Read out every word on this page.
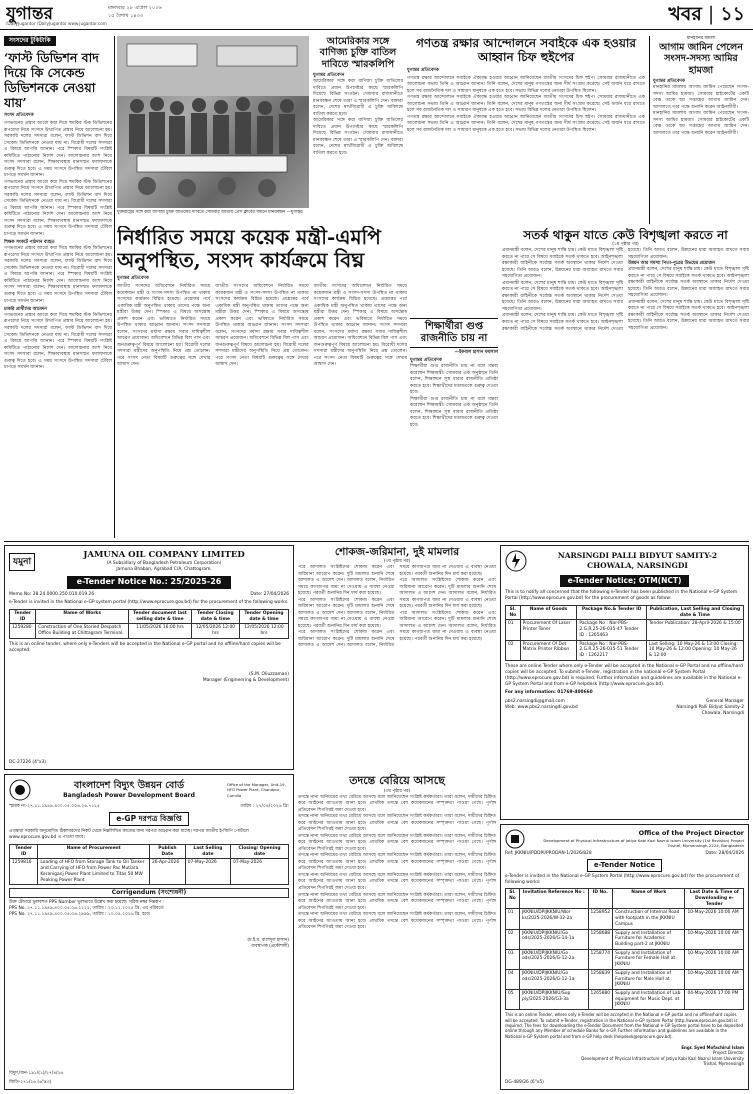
যুগান্তর	মঙ্গলবার ২৮ এপ্রিল ২০২৬
১৫ বৈশাখ ১৪৩৩
/DailyJugantor /DailyJugantor www.jugantor.com	খবর | ১১
সংসদের টুকিটাকি
‘ফাস্ট ডিভিশন বাদ দিয়ে কি সেকেন্ড ডিভিশনকে নেওয়া যায়’
সংসদ প্রতিবেদক
গণভবনের প্রস্তাব আরো কয়া দিয়ে হুমকির স্টক ডিভিশনের রূপরেখা নিয়ে সংসদে উত্থাপিত প্রস্তাব নিয়ে আলোচনা হয়। সরকারি দলের সদস্যরা বলেন, ফাস্ট ডিভিশন বাদ দিয়ে সেকেন্ড ডিভিশনকে নেওয়া যায় না। বিরোধী দলের সদস্যরা এ বিষয়ে আপত্তি জানান। পরে স্পিকার বিষয়টি সংশ্লিষ্ট কমিটিতে পাঠানোর নির্দেশ দেন। আলোচনায় অংশ নিয়ে সংসদ সদস্যরা বলেন, শিক্ষাব্যবস্থায় মানসম্মত ফলাফলকে গুরুত্ব দিতে হবে। এ সময় সংসদে উপস্থিত সদস্যরা টেবিল চাপড়ে সমর্থন জানান।
গণভবনের প্রস্তাব আরো কয়া দিয়ে হুমকির স্টক ডিভিশনের রূপরেখা নিয়ে সংসদে উত্থাপিত প্রস্তাব নিয়ে আলোচনা হয়। সরকারি দলের সদস্যরা বলেন, ফাস্ট ডিভিশন বাদ দিয়ে সেকেন্ড ডিভিশনকে নেওয়া যায় না। বিরোধী দলের সদস্যরা এ বিষয়ে আপত্তি জানান। পরে স্পিকার বিষয়টি সংশ্লিষ্ট কমিটিতে পাঠানোর নির্দেশ দেন। আলোচনায় অংশ নিয়ে সংসদ সদস্যরা বলেন, শিক্ষাব্যবস্থায় মানসম্মত ফলাফলকে গুরুত্ব দিতে হবে। এ সময় সংসদে উপস্থিত সদস্যরা টেবিল চাপড়ে সমর্থন জানান।
শিক্ষক সংকটে পাঠদান ব্যাহত
গণভবনের প্রস্তাব আরো কয়া দিয়ে হুমকির স্টক ডিভিশনের রূপরেখা নিয়ে সংসদে উত্থাপিত প্রস্তাব নিয়ে আলোচনা হয়। সরকারি দলের সদস্যরা বলেন, ফাস্ট ডিভিশন বাদ দিয়ে সেকেন্ড ডিভিশনকে নেওয়া যায় না। বিরোধী দলের সদস্যরা এ বিষয়ে আপত্তি জানান। পরে স্পিকার বিষয়টি সংশ্লিষ্ট কমিটিতে পাঠানোর নির্দেশ দেন। আলোচনায় অংশ নিয়ে সংসদ সদস্যরা বলেন, শিক্ষাব্যবস্থায় মানসম্মত ফলাফলকে গুরুত্ব দিতে হবে। এ সময় সংসদে উপস্থিত সদস্যরা টেবিল চাপড়ে সমর্থন জানান।
চাকরি প্রার্থীদের আবেদন
গণভবনের প্রস্তাব আরো কয়া দিয়ে হুমকির স্টক ডিভিশনের রূপরেখা নিয়ে সংসদে উত্থাপিত প্রস্তাব নিয়ে আলোচনা হয়। সরকারি দলের সদস্যরা বলেন, ফাস্ট ডিভিশন বাদ দিয়ে সেকেন্ড ডিভিশনকে নেওয়া যায় না। বিরোধী দলের সদস্যরা এ বিষয়ে আপত্তি জানান। পরে স্পিকার বিষয়টি সংশ্লিষ্ট কমিটিতে পাঠানোর নির্দেশ দেন। আলোচনায় অংশ নিয়ে সংসদ সদস্যরা বলেন, শিক্ষাব্যবস্থায় মানসম্মত ফলাফলকে গুরুত্ব দিতে হবে। এ সময় সংসদে উপস্থিত সদস্যরা টেবিল চাপড়ে সমর্থন জানান।
যুক্তরাষ্ট্রের সঙ্গে করা বাণিজ্য চুক্তি বাতিলের দাবিতে সোমবার জাতীয় প্রেস ক্লাবের সামনে মানববন্ধন —যুগান্তর
আমেরিকার সঙ্গে বাণিজ্য চুক্তি বাতিল দাবিতে স্মারকলিপি
যুগান্তর প্রতিবেদন
আমেরিকার সঙ্গে করা বাণিজ্য চুক্তি বাতিলের দাবিতে প্রধান উপদেষ্টার কাছে স্মারকলিপি দিয়েছে বিভিন্ন সংগঠন। সোমবার রাজধানীতে মানববন্ধন শেষে তারা এ স্মারকলিপি দেন। বক্তারা বলেন, দেশের স্বার্থবিরোধী এ চুক্তি অবিলম্বে বাতিল করতে হবে।
আমেরিকার সঙ্গে করা বাণিজ্য চুক্তি বাতিলের দাবিতে প্রধান উপদেষ্টার কাছে স্মারকলিপি দিয়েছে বিভিন্ন সংগঠন। সোমবার রাজধানীতে মানববন্ধন শেষে তারা এ স্মারকলিপি দেন। বক্তারা বলেন, দেশের স্বার্থবিরোধী এ চুক্তি অবিলম্বে বাতিল করতে হবে।
গণতন্ত্র রক্ষার আন্দোলনে সবাইকে এক হওয়ার আহ্বান চিফ হুইপের
যুগান্তর প্রতিবেদক
গণতন্ত্র রক্ষার আন্দোলনে সবাইকে ঐক্যবদ্ধ হওয়ার আহ্বান জানিয়েছেন জাতীয় সংসদের চিফ হুইপ। সোমবার রাজধানীতে এক আলোচনা সভায় তিনি এ আহ্বান জানান। তিনি বলেন, দেশের মানুষ গণতন্ত্রের জন্য দীর্ঘ সংগ্রাম করেছে। সেই অর্জন ধরে রাখতে হলে সব রাজনৈতিক দল ও সাধারণ মানুষকে এক হতে হবে। সভায় বিভিন্ন দলের নেতারা উপস্থিত ছিলেন।
গণতন্ত্র রক্ষার আন্দোলনে সবাইকে ঐক্যবদ্ধ হওয়ার আহ্বান জানিয়েছেন জাতীয় সংসদের চিফ হুইপ। সোমবার রাজধানীতে এক আলোচনা সভায় তিনি এ আহ্বান জানান। তিনি বলেন, দেশের মানুষ গণতন্ত্রের জন্য দীর্ঘ সংগ্রাম করেছে। সেই অর্জন ধরে রাখতে হলে সব রাজনৈতিক দল ও সাধারণ মানুষকে এক হতে হবে। সভায় বিভিন্ন দলের নেতারা উপস্থিত ছিলেন।
গণতন্ত্র রক্ষার আন্দোলনে সবাইকে ঐক্যবদ্ধ হওয়ার আহ্বান জানিয়েছেন জাতীয় সংসদের চিফ হুইপ। সোমবার রাজধানীতে এক আলোচনা সভায় তিনি এ আহ্বান জানান। তিনি বলেন, দেশের মানুষ গণতন্ত্রের জন্য দীর্ঘ সংগ্রাম করেছে। সেই অর্জন ধরে রাখতে হলে সব রাজনৈতিক দল ও সাধারণ মানুষকে এক হতে হবে। সভায় বিভিন্ন দলের নেতারা উপস্থিত ছিলেন।
মানহানির মামলা
আগাম জামিন পেলেন সংসদ-সদস্য আমির হামজা
যুগান্তর প্রতিবেদক
মানহানির মামলায় আগাম জামিন পেয়েছেন সংসদ-সদস্য আমির হামজা। সোমবার হাইকোর্টের একটি বেঞ্চ তাকে ছয় সপ্তাহের আগাম জামিন দেন। আদালতে তার পক্ষে শুনানি করেন আইনজীবী।
মানহানির মামলায় আগাম জামিন পেয়েছেন সংসদ-সদস্য আমির হামজা। সোমবার হাইকোর্টের একটি বেঞ্চ তাকে ছয় সপ্তাহের আগাম জামিন দেন। আদালতে তার পক্ষে শুনানি করেন আইনজীবী।
নির্ধারিত সময়ে কয়েক মন্ত্রী-এমপি অনুপস্থিত, সংসদ কার্যক্রমে বিঘ্ন
যুগান্তর প্রতিবেদক
জাতীয় সংসদের অধিবেশনে নির্ধারিত সময়ে কয়েকজন মন্ত্রী ও সংসদ-সদস্য উপস্থিত না থাকায় সংসদের কার্যক্রম বিঘ্নিত হয়েছে। প্রশ্নোত্তর পর্বে একাধিক মন্ত্রী অনুপস্থিত থাকায় তাদের পক্ষে অন্য মন্ত্রীরা উত্তর দেন। স্পিকার এ বিষয়ে অসন্তোষ প্রকাশ করেন এবং ভবিষ্যতে নির্ধারিত সময়ে উপস্থিত থাকার আহ্বান জানান। সংসদ সদস্যরা বলেন, সংসদের মর্যাদা রক্ষায় সবার দায়িত্বশীল আচরণ প্রয়োজন। অধিবেশনে বিভিন্ন বিল পাস এবং জনগুরুত্বপূর্ণ বিষয়ে আলোচনা হয়। বিরোধী দলের সদস্যরা মন্ত্রীদের অনুপস্থিতি নিয়ে প্রশ্ন তোলেন। পরে সংসদ নেতা বিষয়টি গুরুত্বের সঙ্গে দেখার আশ্বাস দেন।
জাতীয় সংসদের অধিবেশনে নির্ধারিত সময়ে কয়েকজন মন্ত্রী ও সংসদ-সদস্য উপস্থিত না থাকায় সংসদের কার্যক্রম বিঘ্নিত হয়েছে। প্রশ্নোত্তর পর্বে একাধিক মন্ত্রী অনুপস্থিত থাকায় তাদের পক্ষে অন্য মন্ত্রীরা উত্তর দেন। স্পিকার এ বিষয়ে অসন্তোষ প্রকাশ করেন এবং ভবিষ্যতে নির্ধারিত সময়ে উপস্থিত থাকার আহ্বান জানান। সংসদ সদস্যরা বলেন, সংসদের মর্যাদা রক্ষায় সবার দায়িত্বশীল আচরণ প্রয়োজন। অধিবেশনে বিভিন্ন বিল পাস এবং জনগুরুত্বপূর্ণ বিষয়ে আলোচনা হয়। বিরোধী দলের সদস্যরা মন্ত্রীদের অনুপস্থিতি নিয়ে প্রশ্ন তোলেন। পরে সংসদ নেতা বিষয়টি গুরুত্বের সঙ্গে দেখার আশ্বাস দেন।
জাতীয় সংসদের অধিবেশনে নির্ধারিত সময়ে কয়েকজন মন্ত্রী ও সংসদ-সদস্য উপস্থিত না থাকায় সংসদের কার্যক্রম বিঘ্নিত হয়েছে। প্রশ্নোত্তর পর্বে একাধিক মন্ত্রী অনুপস্থিত থাকায় তাদের পক্ষে অন্য মন্ত্রীরা উত্তর দেন। স্পিকার এ বিষয়ে অসন্তোষ প্রকাশ করেন এবং ভবিষ্যতে নির্ধারিত সময়ে উপস্থিত থাকার আহ্বান জানান। সংসদ সদস্যরা বলেন, সংসদের মর্যাদা রক্ষায় সবার দায়িত্বশীল আচরণ প্রয়োজন। অধিবেশনে বিভিন্ন বিল পাস এবং জনগুরুত্বপূর্ণ বিষয়ে আলোচনা হয়। বিরোধী দলের সদস্যরা মন্ত্রীদের অনুপস্থিতি নিয়ে প্রশ্ন তোলেন। পরে সংসদ নেতা বিষয়টি গুরুত্বের সঙ্গে দেখার আশ্বাস দেন।
শিক্ষার্থীরা গুপ্ত রাজনীতি চায় না
—ইকবাল হাসান ফয়সাল
যুগান্তর প্রতিবেদক
শিক্ষার্থীরা গুপ্ত রাজনীতি চায় না বলে মন্তব্য করেছেন শিক্ষামন্ত্রী। সোমবার এক অনুষ্ঠানে তিনি বলেন, শিক্ষাঙ্গনে সুস্থ ধারার রাজনীতি প্রতিষ্ঠা করতে হবে। শিক্ষার্থীদের মতামতকে গুরুত্ব দেওয়া হবে।
শিক্ষার্থীরা গুপ্ত রাজনীতি চায় না বলে মন্তব্য করেছেন শিক্ষামন্ত্রী। সোমবার এক অনুষ্ঠানে তিনি বলেন, শিক্ষাঙ্গনে সুস্থ ধারার রাজনীতি প্রতিষ্ঠা করতে হবে। শিক্ষার্থীদের মতামতকে গুরুত্ব দেওয়া হবে।
সতর্ক থাকুন যাতে কেউ বিশৃঙ্খলা করতে না
(১ম পৃষ্ঠার পর)
প্রধানমন্ত্রী বলেন, দেশের মানুষ শান্তি চায়। কেউ যাতে বিশৃঙ্খলা সৃষ্টি করতে না পারে সে বিষয়ে সবাইকে সতর্ক থাকতে হবে। আইনশৃঙ্খলা রক্ষাকারী বাহিনীকে সর্বোচ্চ সতর্ক অবস্থানে থাকার নির্দেশ দেওয়া হয়েছে। তিনি আরও বলেন, উন্নয়নের ধারা অব্যাহত রাখতে সবার সহযোগিতা প্রয়োজন।
প্রধানমন্ত্রী বলেন, দেশের মানুষ শান্তি চায়। কেউ যাতে বিশৃঙ্খলা সৃষ্টি করতে না পারে সে বিষয়ে সবাইকে সতর্ক থাকতে হবে। আইনশৃঙ্খলা রক্ষাকারী বাহিনীকে সর্বোচ্চ সতর্ক অবস্থানে থাকার নির্দেশ দেওয়া হয়েছে। তিনি আরও বলেন, উন্নয়নের ধারা অব্যাহত রাখতে সবার সহযোগিতা প্রয়োজন।
প্রধানমন্ত্রী বলেন, দেশের মানুষ শান্তি চায়। কেউ যাতে বিশৃঙ্খলা সৃষ্টি করতে না পারে সে বিষয়ে সবাইকে সতর্ক থাকতে হবে। আইনশৃঙ্খলা রক্ষাকারী বাহিনীকে সর্বোচ্চ সতর্ক অবস্থানে থাকার নির্দেশ দেওয়া হয়েছে। তিনি আরও বলেন, উন্নয়নের ধারা অব্যাহত রাখতে সবার সহযোগিতা প্রয়োজন।
উন্নয়ন আর সমস্যা পিতা-পুত্রের উভয়ের প্রয়োজন
প্রধানমন্ত্রী বলেন, দেশের মানুষ শান্তি চায়। কেউ যাতে বিশৃঙ্খলা সৃষ্টি করতে না পারে সে বিষয়ে সবাইকে সতর্ক থাকতে হবে। আইনশৃঙ্খলা রক্ষাকারী বাহিনীকে সর্বোচ্চ সতর্ক অবস্থানে থাকার নির্দেশ দেওয়া হয়েছে। তিনি আরও বলেন, উন্নয়নের ধারা অব্যাহত রাখতে সবার সহযোগিতা প্রয়োজন।
প্রধানমন্ত্রী বলেন, দেশের মানুষ শান্তি চায়। কেউ যাতে বিশৃঙ্খলা সৃষ্টি করতে না পারে সে বিষয়ে সবাইকে সতর্ক থাকতে হবে। আইনশৃঙ্খলা রক্ষাকারী বাহিনীকে সর্বোচ্চ সতর্ক অবস্থানে থাকার নির্দেশ দেওয়া হয়েছে। তিনি আরও বলেন, উন্নয়নের ধারা অব্যাহত রাখতে সবার সহযোগিতা প্রয়োজন।
যমুনা
JAMUNA OIL COMPANY LIMITED
(A Subsidiary of Bangladesh Petroleum Corporation)
Jamuna Bhaban, Agrabad C/A, Chattogram.
e-Tender Notice No.: 25/2025-26
Memo No: 28.24.0000.250.010.019.26	Date: 27/04/2026
e-Tender is invited in the National e-GP system portal (http://www.eprocure.gov.bd) for the procurement of the following works.
Tender ID	Name of Works	Tender document last selling date & time	Tender Closing date & time	Tender Opening date & time
1259280	Construction of One Storied Despatch Office Building at Chittagram Terminal.	11/05/2026 16:00 hrs	12/05/2026 12:00 hrs	12/05/2026 12:00 hrs
This is an online tender, where only e-Tenders will be accepted in the National e-GP portal and no offline/hard copies will be accepted.
(S.M. Oliuzzaman)
Manager (Engineering & Development)
DC-27226 (4"x3)
শোকজ-জরিমানা, দুই মামলার
(৩য় পৃষ্ঠার পর)
পরে আদালত সংশ্লিষ্টদের শোকজ করেন এবং জরিমানা আরোপ করেন। দুটি মামলার শুনানি শেষে আদালত এ আদেশ দেন। আদালত বলেন, নির্ধারিত সময়ে কাগজপত্র জমা না দেওয়ায় এ ব্যবস্থা নেওয়া হয়েছে। পরবর্তী শুনানির দিন ধার্য করা হয়েছে।
পরে আদালত সংশ্লিষ্টদের শোকজ করেন এবং জরিমানা আরোপ করেন। দুটি মামলার শুনানি শেষে আদালত এ আদেশ দেন। আদালত বলেন, নির্ধারিত সময়ে কাগজপত্র জমা না দেওয়ায় এ ব্যবস্থা নেওয়া হয়েছে। পরবর্তী শুনানির দিন ধার্য করা হয়েছে।
পরে আদালত সংশ্লিষ্টদের শোকজ করেন এবং জরিমানা আরোপ করেন। দুটি মামলার শুনানি শেষে আদালত এ আদেশ দেন। আদালত বলেন, নির্ধারিত সময়ে কাগজপত্র জমা না দেওয়ায় এ ব্যবস্থা নেওয়া হয়েছে। পরবর্তী শুনানির দিন ধার্য করা হয়েছে।
পরে আদালত সংশ্লিষ্টদের শোকজ করেন এবং জরিমানা আরোপ করেন। দুটি মামলার শুনানি শেষে আদালত এ আদেশ দেন। আদালত বলেন, নির্ধারিত সময়ে কাগজপত্র জমা না দেওয়ায় এ ব্যবস্থা নেওয়া হয়েছে। পরবর্তী শুনানির দিন ধার্য করা হয়েছে।
পরে আদালত সংশ্লিষ্টদের শোকজ করেন এবং জরিমানা আরোপ করেন। দুটি মামলার শুনানি শেষে আদালত এ আদেশ দেন। আদালত বলেন, নির্ধারিত সময়ে কাগজপত্র জমা না দেওয়ায় এ ব্যবস্থা নেওয়া হয়েছে। পরবর্তী শুনানির দিন ধার্য করা হয়েছে।
NARSINGDI PALLI BIDYUT SAMITY-2
CHOWALA, NARSINGDI
e-Tender Notice; OTM(NCT)
This is to notify all concerned that the following e-Tender has been published in the National e-GP System Portal (http://www.eprocure.gov.bd) for the procurement of goods as follow:
Sl. No	Name of Goods	Package No.& Tender ID	Publication, Last Selling and Closing date & Time
01	Procurement Of Laser Printer Toner	Package No : Nar-PBS-2.G.R.25-26-035-47 Tender ID : 1265463	Tender Publication: 28-April-2026 & 15:00
02	Procurement Of Dot Matrix Printer Ribbon	Package No : Nar-PBS-2.G.R.25-26-035-51 Tender ID : 1262217	Last Selling: 10 May-26 & 13:00 Closing: 10 May-26 & 12:00 Opening: 10 May-26 & 12:00
These are online Tender where only e-Tender will be accepted in the National e-GP Portal and no offline/hard copies will be accepted. To submit e-Tender, registration in the national e-GP System Portal (http://www.eprocure.gov.bd) is required. Further information and guidelines are available in the National e-GP System Portal and from e-GP helpdesk (http://www.eprocure.gov.bd).
For any information: 01769-400660
pbs2.narsingdi@gmail.com
Web: www.pbs2.narsingdi.gov.bd
General Manager
Narsingdi Palli Bidyut Samity-2
Chowala, Narsingdi
বাংলাদেশ বিদ্যুৎ উন্নয়ন বোর্ড
Bangladesh Power Development Board
Office of the Manager, Unit-19, HFO Power Plant, Chandpur, Cumilla
স্মারক নং-২৭.১১.১৯৪৯.৪০০.০৫.০০৬.২৬.৭১২৫	তারিখ : ২৭/০৪/২০২৬ খ্রি:
e-GP দরপত্র বিজ্ঞপ্তি
এতদ্বারা সরকারি অনুমোদিত ঠিকাদারদের নিকট থেকে নিম্নলিখিত কাজের জন্য দরপত্র আহ্বান করা যাচ্ছে। দরপত্র জাতীয় ই-জিপি পোর্টালে www.eprocure.gov.bd এ পাওয়া যাবে।
Tender ID	Name of Procurement	Publish Date	Last Selling date	Closing/ Opening date
1259816	Loading of HFO from Storage Tank to Oil Tanker and Carrying of HFO from Power Pac Mutiara Keraniganj Power Plant Limited to Titas 50 MW Peaking Power Plant	26-Apr-2026	07-May-2026	07-May-2026
Corrigendum (সংশোধনী)
উক্ত টেন্ডারে ভুলবশত PPS Number ভুলভাবে উল্লেখ করা হয়েছে। সঠিক নম্বর নিম্নরূপ :
PPS No. ২৭.১১.১৯৪৯.৪০০.০৫.০৬.২২২২, তারিখ : ২৩.১২.২০২৫ খ্রি. এর পরিবর্তে
PPS No. ২৭.১১.১৯৪৯.৪০০.০৫.০৬.২৯৯৯, তারিখ : ১০.০৪.২০২৬ খ্রি. হবে।
(ম.ই.ম. রাশেদুল হাসান)
ব্যবস্থাপক (প্রকৌশলী)
বিদ্যুৎ/জন-১৯১/(১)/২৭/৪/২৬
জিডি-২৭১/২৬ (৬"x৩)
তদন্তে বেরিয়ে আসছে
(৩য় পৃষ্ঠার পর)
তদন্তে নানা অনিয়মের তথ্য বেরিয়ে আসছে বলে জানিয়েছেন সংশ্লিষ্ট কর্মকর্তারা। তারা বলেন, দায়ীদের চিহ্নিত করে আইনের আওতায় আনা হবে। প্রাথমিক তদন্তে বেশ কয়েকজনের সম্পৃক্ততা পাওয়া গেছে। পূর্ণাঙ্গ প্রতিবেদন শিগগিরই জমা দেওয়া হবে।
তদন্তে নানা অনিয়মের তথ্য বেরিয়ে আসছে বলে জানিয়েছেন সংশ্লিষ্ট কর্মকর্তারা। তারা বলেন, দায়ীদের চিহ্নিত করে আইনের আওতায় আনা হবে। প্রাথমিক তদন্তে বেশ কয়েকজনের সম্পৃক্ততা পাওয়া গেছে। পূর্ণাঙ্গ প্রতিবেদন শিগগিরই জমা দেওয়া হবে।
তদন্তে নানা অনিয়মের তথ্য বেরিয়ে আসছে বলে জানিয়েছেন সংশ্লিষ্ট কর্মকর্তারা। তারা বলেন, দায়ীদের চিহ্নিত করে আইনের আওতায় আনা হবে। প্রাথমিক তদন্তে বেশ কয়েকজনের সম্পৃক্ততা পাওয়া গেছে। পূর্ণাঙ্গ প্রতিবেদন শিগগিরই জমা দেওয়া হবে।
তদন্তে নানা অনিয়মের তথ্য বেরিয়ে আসছে বলে জানিয়েছেন সংশ্লিষ্ট কর্মকর্তারা। তারা বলেন, দায়ীদের চিহ্নিত করে আইনের আওতায় আনা হবে। প্রাথমিক তদন্তে বেশ কয়েকজনের সম্পৃক্ততা পাওয়া গেছে। পূর্ণাঙ্গ প্রতিবেদন শিগগিরই জমা দেওয়া হবে।
তদন্তে নানা অনিয়মের তথ্য বেরিয়ে আসছে বলে জানিয়েছেন সংশ্লিষ্ট কর্মকর্তারা। তারা বলেন, দায়ীদের চিহ্নিত করে আইনের আওতায় আনা হবে। প্রাথমিক তদন্তে বেশ কয়েকজনের সম্পৃক্ততা পাওয়া গেছে। পূর্ণাঙ্গ প্রতিবেদন শিগগিরই জমা দেওয়া হবে।
তদন্তে নানা অনিয়মের তথ্য বেরিয়ে আসছে বলে জানিয়েছেন সংশ্লিষ্ট কর্মকর্তারা। তারা বলেন, দায়ীদের চিহ্নিত করে আইনের আওতায় আনা হবে। প্রাথমিক তদন্তে বেশ কয়েকজনের সম্পৃক্ততা পাওয়া গেছে। পূর্ণাঙ্গ প্রতিবেদন শিগগিরই জমা দেওয়া হবে।
তদন্তে নানা অনিয়মের তথ্য বেরিয়ে আসছে বলে জানিয়েছেন সংশ্লিষ্ট কর্মকর্তারা। তারা বলেন, দায়ীদের চিহ্নিত করে আইনের আওতায় আনা হবে। প্রাথমিক তদন্তে বেশ কয়েকজনের সম্পৃক্ততা পাওয়া গেছে। পূর্ণাঙ্গ প্রতিবেদন শিগগিরই জমা দেওয়া হবে।
Office of the Project Director
Development of Physical Infrastructure of Jatiya Kabi Kazi Nazrul Islam University (1st Revision) Project
Trishal, Mymensingh-2224, Bangladesh
Ref: JKKNIU/PDDPI/PRODAN-1/2026/828	Date: 28/04/2026
e-Tender Notice
e-Tender is invited in the National e-GP System Portal (http://www.eprocure.gov.bd) for the procurement of following works:
Sl. No	Invitation Reference No :	ID No.	Name of Work	Last Date & Time of Downloading e-Tender
01	JKKNIU/DPIJKKNIU/Wor ks/2025-2026/W-32-2a	1258952	Construction of Internal Road with footpath in the JKKNIU Campus	10-May-2026 10:00 AM
02	JKKNIU/DPIJKKNIU/Go ods/2025-2026/G-14-1a	1258688	Supply and Installation of Furniture for Academic Building part-2 at JKKNIU	10-May-2026 10:00 AM
03	JKKNIU/DPIJKKNIU/Go ods/2025-2026/G-12-2a	1258774	Supply and Installation of Furniture for Female Hall at JKKNIU	10-May-2026 10:00 AM
04	JKKNIU/DPIJKKNIU/Go ods/2025-2026/G-12-1a	1258839	Supply and Installation of Furniture for Male Hall at JKKNIU	10-May-2026 10:00 AM
05	JKKNIU/DPIJKKNIU/Sup ply/2025-2026/G3-3a	1265880	Supply and Installation of Lab equipment for Music Dept. at JKKNIU	04-May-2026 17:00 PM
This is an online Tender, where only e-Tender will be accepted in the National e-GP portal and no offline/hard copies will be accepted. To submit e-Tender, registration in the National e-GP system Portal (http://www.eprocure.gov.bd) is required. The fees for downloading the e-Tender Document from the National e-GP System portal have to be deposited online through any Member of schedule Banks for e-GP. Further information and guidelines are available in the National e-GP System portal and from e-GP help desk (helpdesk@eprocure.gov.bd).
Engr. Syed Mofachirul Islam
Project Director
Development of Physical Infrastructure of Jatiya Kabi Kazi Nazrul Islam University
Trishal, Mymensingh
DG-489/26 (6"x5)
